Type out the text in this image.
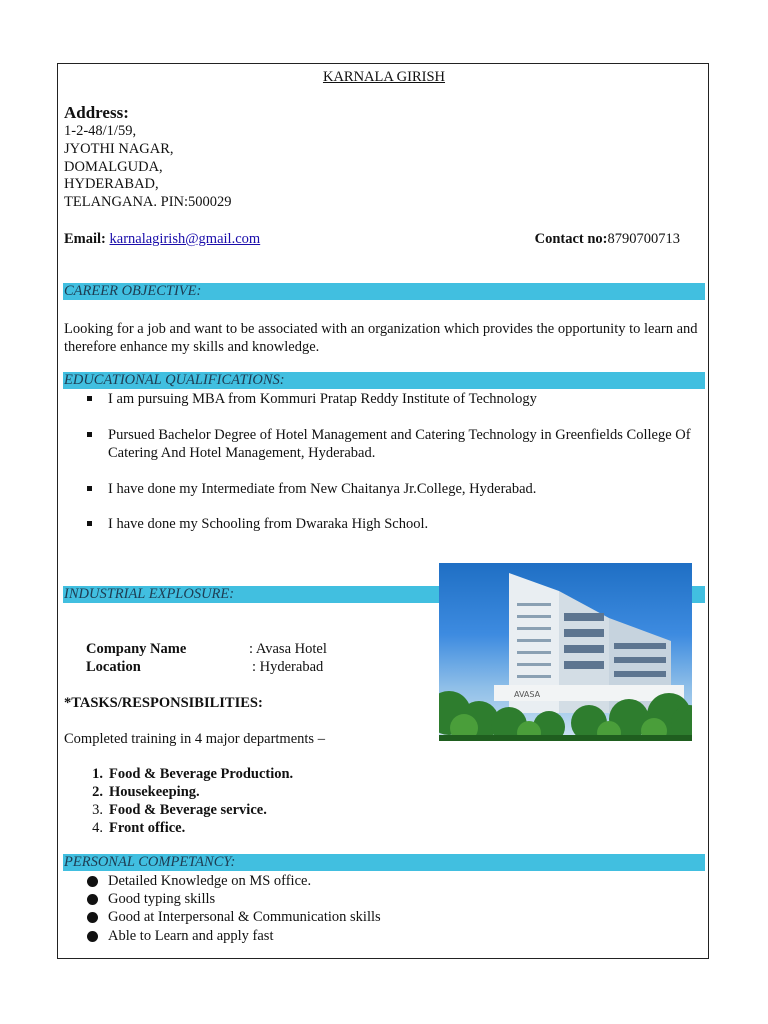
KARNALA GIRISH
Address:
1-2-48/1/59,
JYOTHI NAGAR,
DOMALGUDA,
HYDERABAD,
TELANGANA. PIN:500029
Email: karnalagirish@gmail.com	Contact no:8790700713
CAREER OBJECTIVE:
Looking for a job and want to be associated with an organization which provides the opportunity to learn and therefore enhance my skills and knowledge.
EDUCATIONAL QUALIFICATIONS:
I am pursuing MBA from Kommuri Pratap Reddy Institute of Technology
Pursued Bachelor Degree of Hotel Management and Catering Technology in Greenfields College Of Catering And Hotel Management, Hyderabad.
I have done my Intermediate from New Chaitanya Jr.College, Hyderabad.
I have done my Schooling from Dwaraka High School.
INDUSTRIAL EXPLOSURE:
AVASA
Company Name	: Avasa Hotel
Location	: Hyderabad
*TASKS/RESPONSIBILITIES:
Completed training in 4 major departments –
1. Food & Beverage Production.
2. Housekeeping.
3. Food & Beverage service.
4. Front office.
PERSONAL COMPETANCY:
Detailed Knowledge on MS office.
Good typing skills
Good at Interpersonal & Communication skills
Able to Learn and apply fast
